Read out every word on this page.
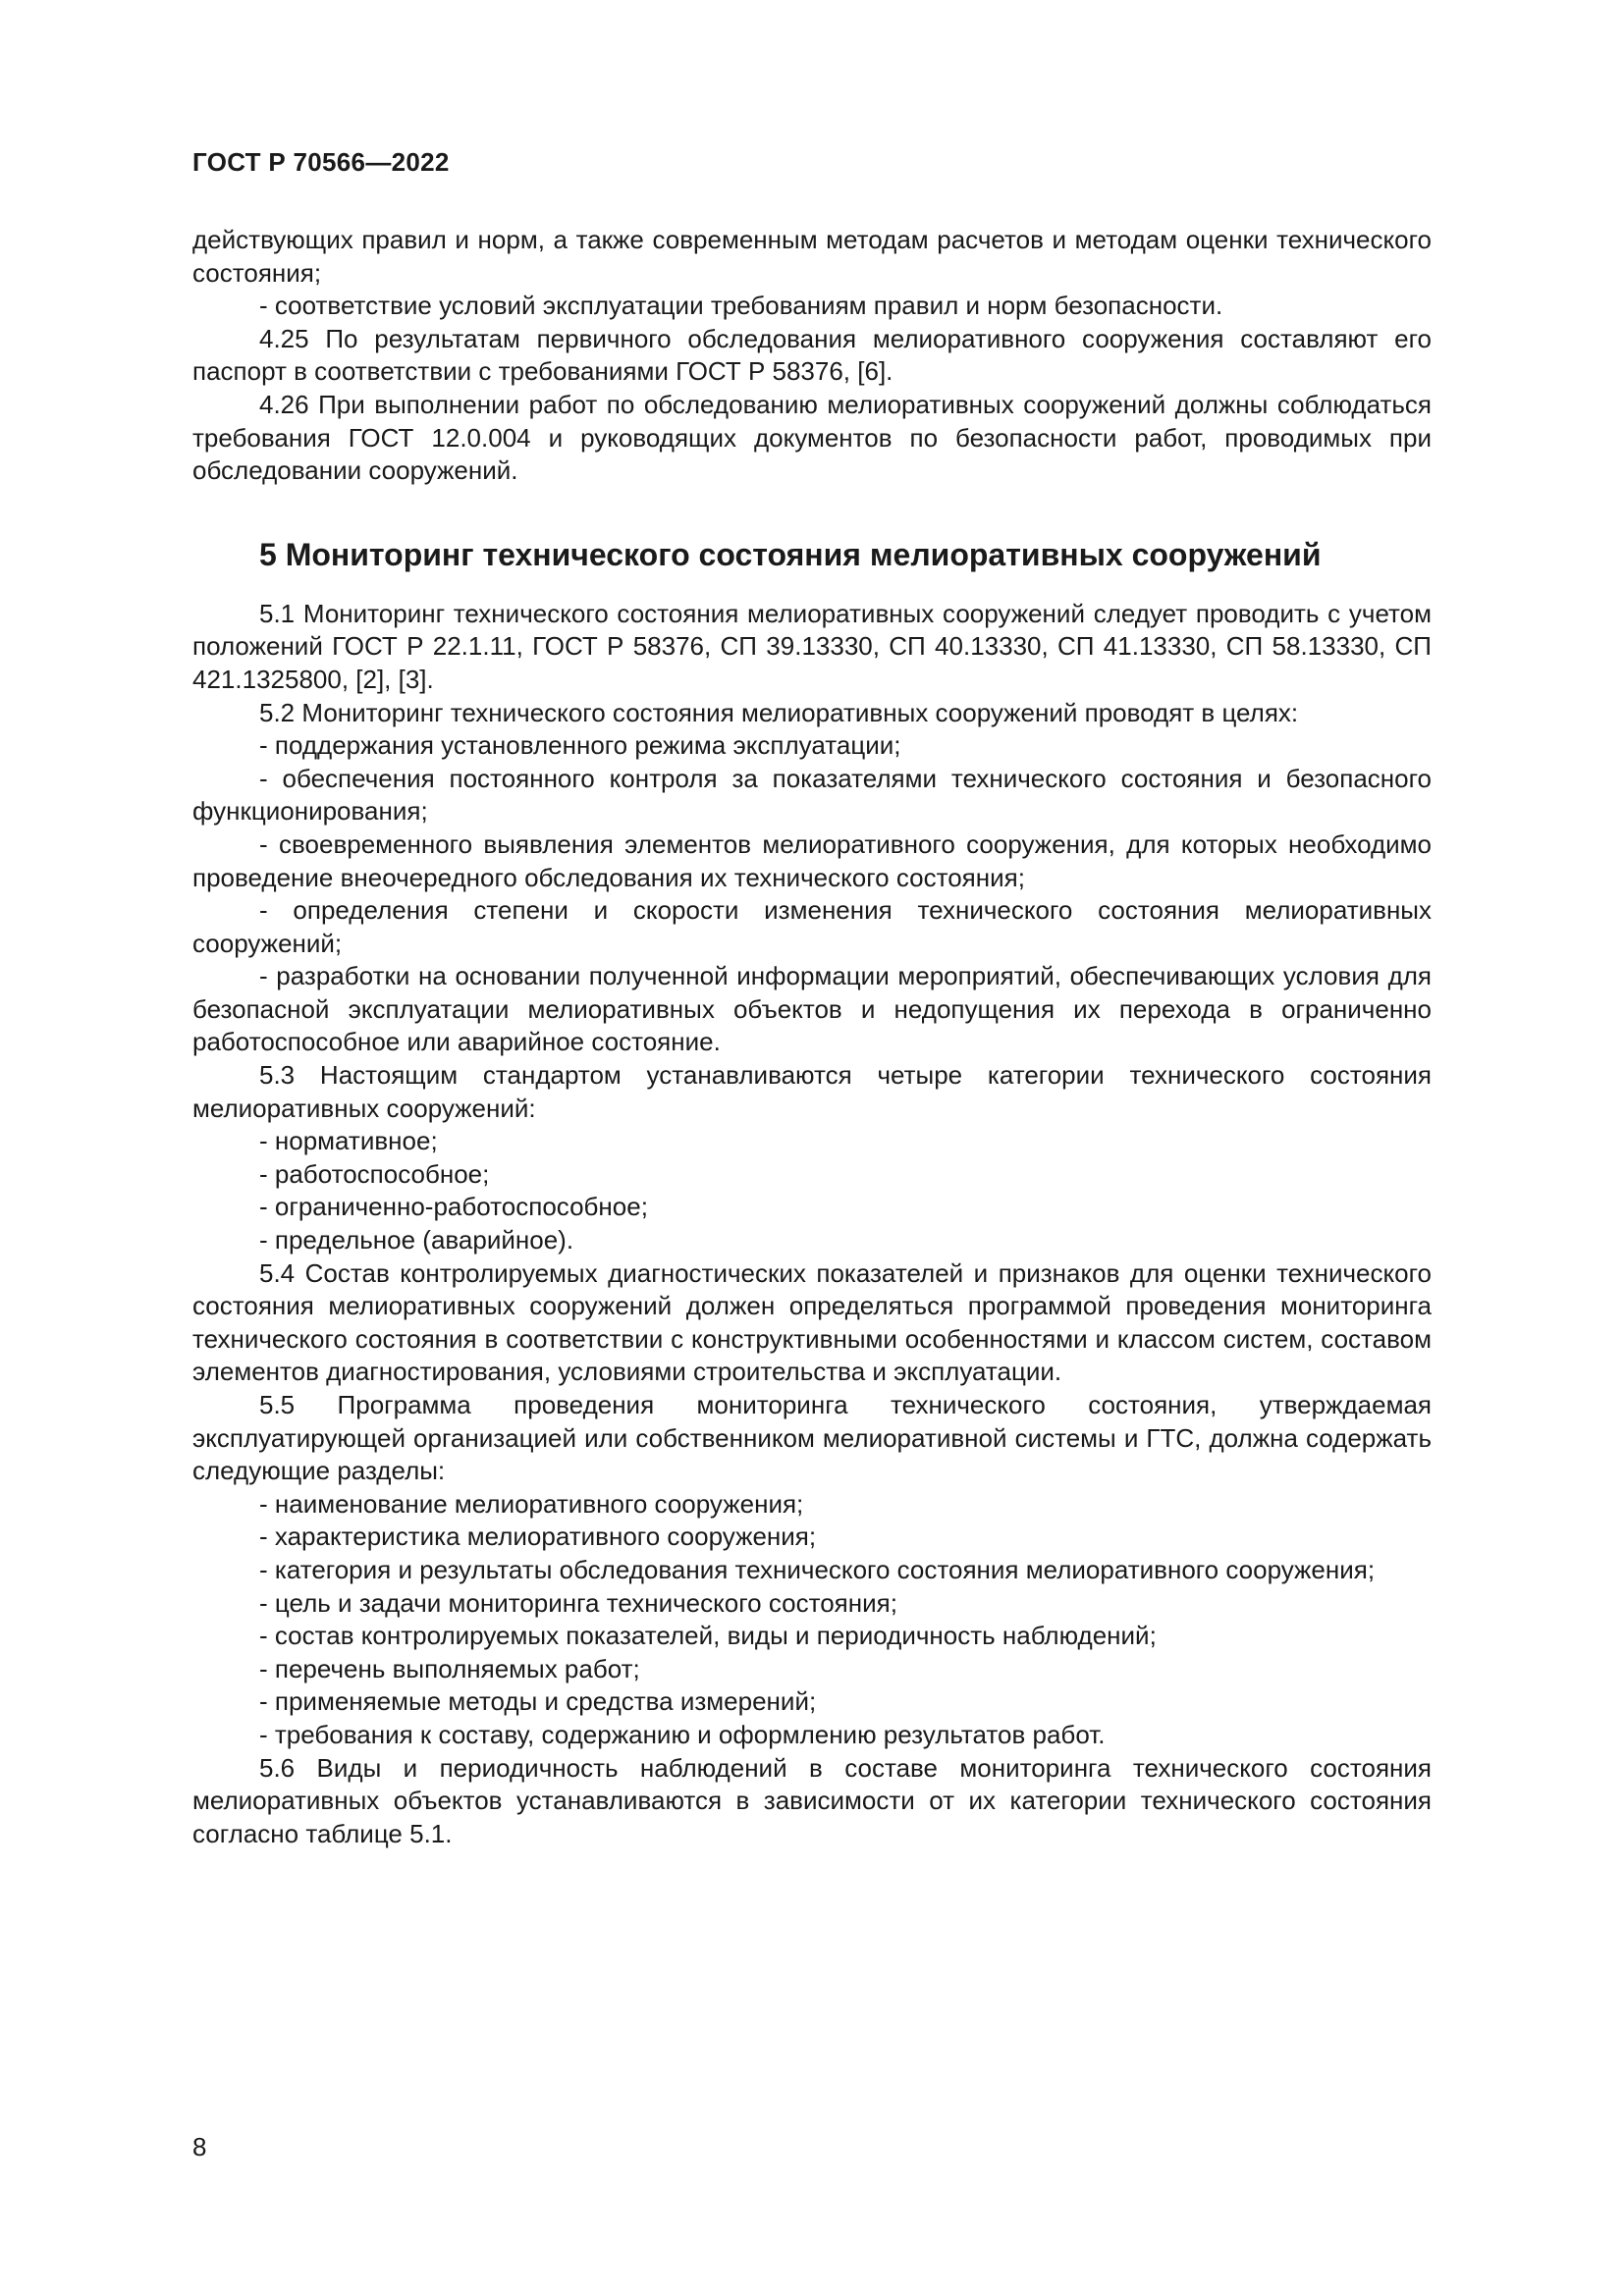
ГОСТ Р 70566—2022

действующих правил и норм, а также современным методам расчетов и методам оценки технического состояния;

- соответствие условий эксплуатации требованиям правил и норм безопасности.

4.25 По результатам первичного обследования мелиоративного сооружения составляют его паспорт в соответствии с требованиями ГОСТ Р 58376, [6].

4.26 При выполнении работ по обследованию мелиоративных сооружений должны соблюдаться требования ГОСТ 12.0.004 и руководящих документов по безопасности работ, проводимых при обследовании сооружений.

5 Мониторинг технического состояния мелиоративных сооружений

5.1 Мониторинг технического состояния мелиоративных сооружений следует проводить с учетом положений ГОСТ Р 22.1.11, ГОСТ Р 58376, СП 39.13330, СП 40.13330, СП 41.13330, СП 58.13330, СП 421.1325800, [2], [3].

5.2 Мониторинг технического состояния мелиоративных сооружений проводят в целях:

- поддержания установленного режима эксплуатации;

- обеспечения постоянного контроля за показателями технического состояния и безопасного функционирования;

- своевременного выявления элементов мелиоративного сооружения, для которых необходимо проведение внеочередного обследования их технического состояния;

- определения степени и скорости изменения технического состояния мелиоративных сооружений;

- разработки на основании полученной информации мероприятий, обеспечивающих условия для безопасной эксплуатации мелиоративных объектов и недопущения их перехода в ограниченно работоспособное или аварийное состояние.

5.3 Настоящим стандартом устанавливаются четыре категории технического состояния мелиоративных сооружений:

- нормативное;

- работоспособное;

- ограниченно-работоспособное;

- предельное (аварийное).

5.4 Состав контролируемых диагностических показателей и признаков для оценки технического состояния мелиоративных сооружений должен определяться программой проведения мониторинга технического состояния в соответствии с конструктивными особенностями и классом систем, составом элементов диагностирования, условиями строительства и эксплуатации.

5.5 Программа проведения мониторинга технического состояния, утверждаемая эксплуатирующей организацией или собственником мелиоративной системы и ГТС, должна содержать следующие разделы:

- наименование мелиоративного сооружения;

- характеристика мелиоративного сооружения;

- категория и результаты обследования технического состояния мелиоративного сооружения;

- цель и задачи мониторинга технического состояния;

- состав контролируемых показателей, виды и периодичность наблюдений;

- перечень выполняемых работ;

- применяемые методы и средства измерений;

- требования к составу, содержанию и оформлению результатов работ.

5.6 Виды и периодичность наблюдений в составе мониторинга технического состояния мелиоративных объектов устанавливаются в зависимости от их категории технического состояния согласно таблице 5.1.

8
